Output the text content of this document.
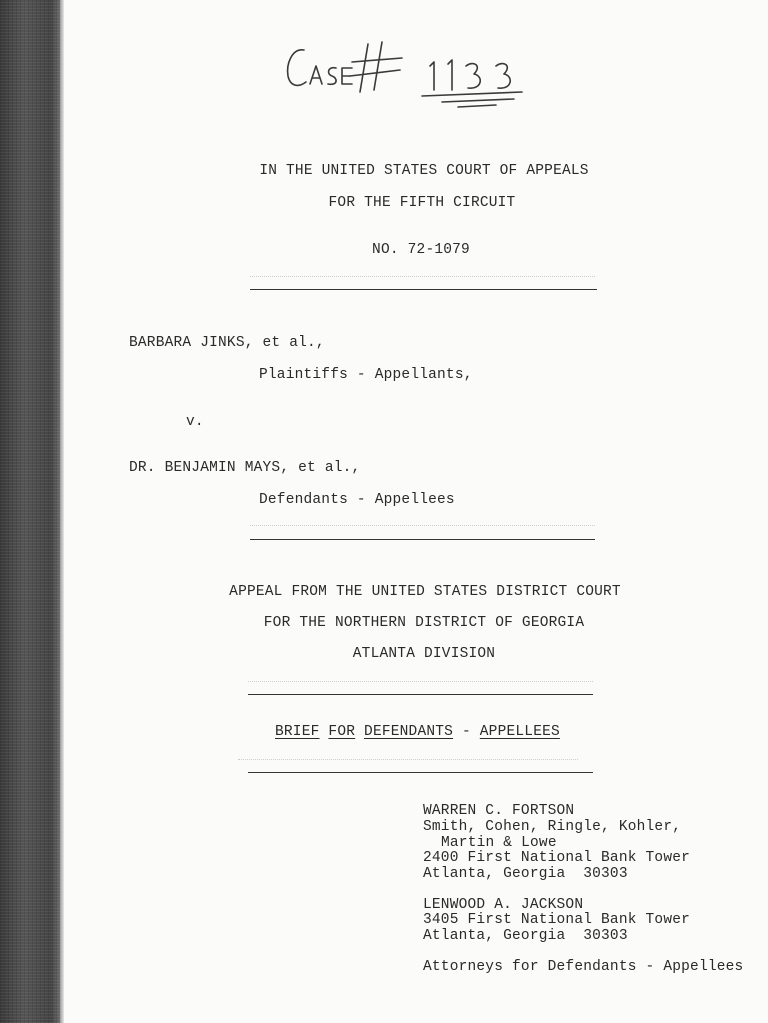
IN THE UNITED STATES COURT OF APPEALS
FOR THE FIFTH CIRCUIT
NO. 72-1079
BARBARA JINKS, et al.,
Plaintiffs - Appellants,
v.
DR. BENJAMIN MAYS, et al.,
Defendants - Appellees
APPEAL FROM THE UNITED STATES DISTRICT COURT
FOR THE NORTHERN DISTRICT OF GEORGIA
ATLANTA DIVISION
BRIEF FOR DEFENDANTS - APPELLEES
WARREN C. FORTSON
Smith, Cohen, Ringle, Kohler,
Martin & Lowe
2400 First National Bank Tower
Atlanta, Georgia  30303
LENWOOD A. JACKSON
3405 First National Bank Tower
Atlanta, Georgia  30303
Attorneys for Defendants - Appellees
